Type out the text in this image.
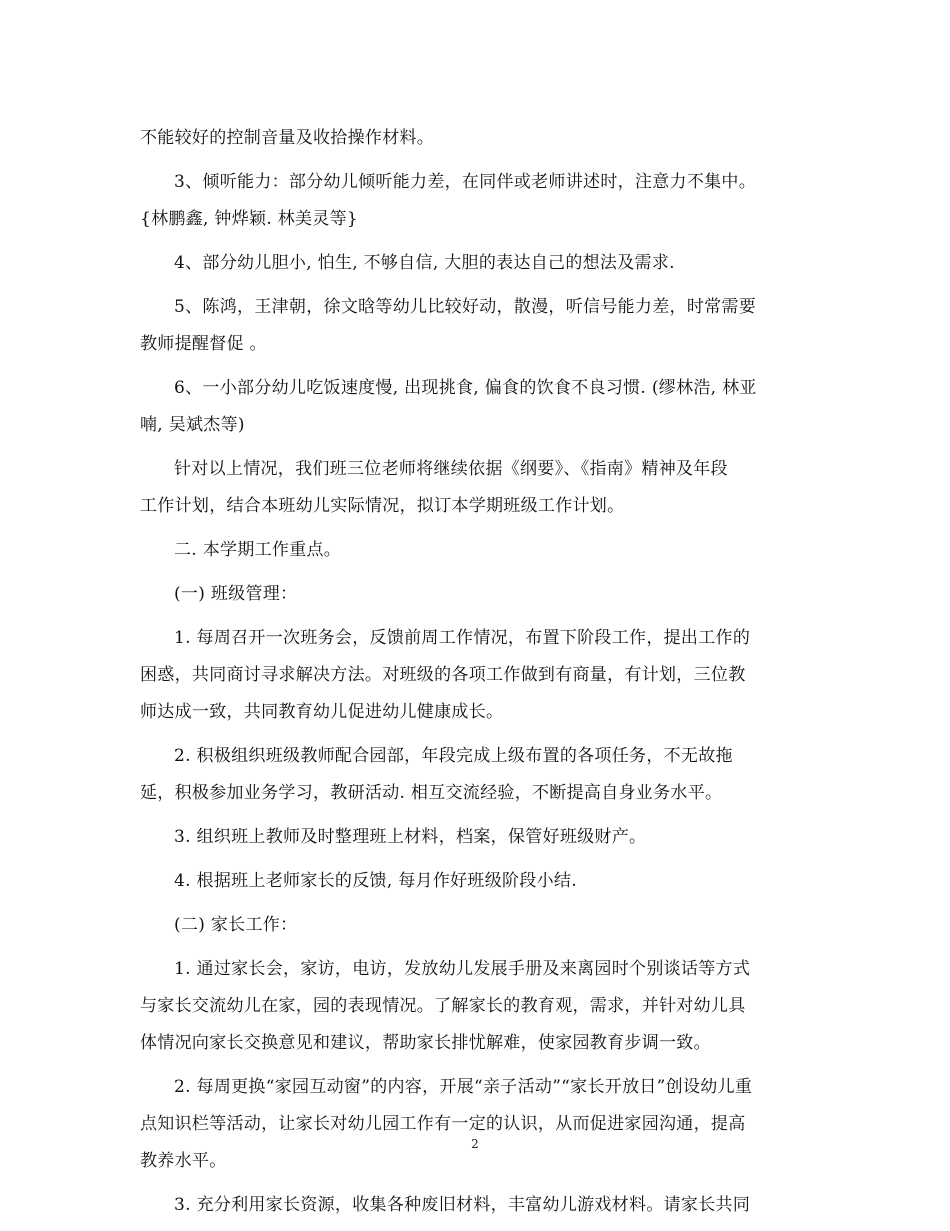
不能较好的控制音量及收拾操作材料。

3、倾听能力：部分幼儿倾听能力差，在同伴或老师讲述时，注意力不集中。
{林鹏鑫, 钟烨颖. 林美灵等}

4、部分幼儿胆小, 怕生, 不够自信, 大胆的表达自己的想法及需求.

5、陈鸿，王津朝，徐文晗等幼儿比较好动，散漫，听信号能力差，时常需要
教师提醒督促 。

6、一小部分幼儿吃饭速度慢, 出现挑食, 偏食的饮食不良习惯. (缪林浩, 林亚
喃, 吴斌杰等)

针对以上情况，我们班三位老师将继续依据《纲要》、《指南》精神及年段
工作计划，结合本班幼儿实际情况，拟订本学期班级工作计划。

二. 本学期工作重点。

(一) 班级管理：

1. 每周召开一次班务会，反馈前周工作情况，布置下阶段工作，提出工作的
困惑，共同商讨寻求解决方法。对班级的各项工作做到有商量，有计划，三位教
师达成一致，共同教育幼儿促进幼儿健康成长。

2. 积极组织班级教师配合园部，年段完成上级布置的各项任务，不无故拖
延，积极参加业务学习，教研活动. 相互交流经验，不断提高自身业务水平。

3. 组织班上教师及时整理班上材料，档案，保管好班级财产。

4. 根据班上老师家长的反馈, 每月作好班级阶段小结.

(二) 家长工作：

1. 通过家长会，家访，电访，发放幼儿发展手册及来离园时个别谈话等方式
与家长交流幼儿在家，园的表现情况。了解家长的教育观，需求，并针对幼儿具
体情况向家长交换意见和建议，帮助家长排忧解难，使家园教育步调一致。

2. 每周更换“家园互动窗”的内容，开展“亲子活动”“家长开放日”创设幼儿重
点知识栏等活动，让家长对幼儿园工作有一定的认识，从而促进家园沟通，提高
教养水平。

3. 充分利用家长资源，收集各种废旧材料，丰富幼儿游戏材料。请家长共同

2
